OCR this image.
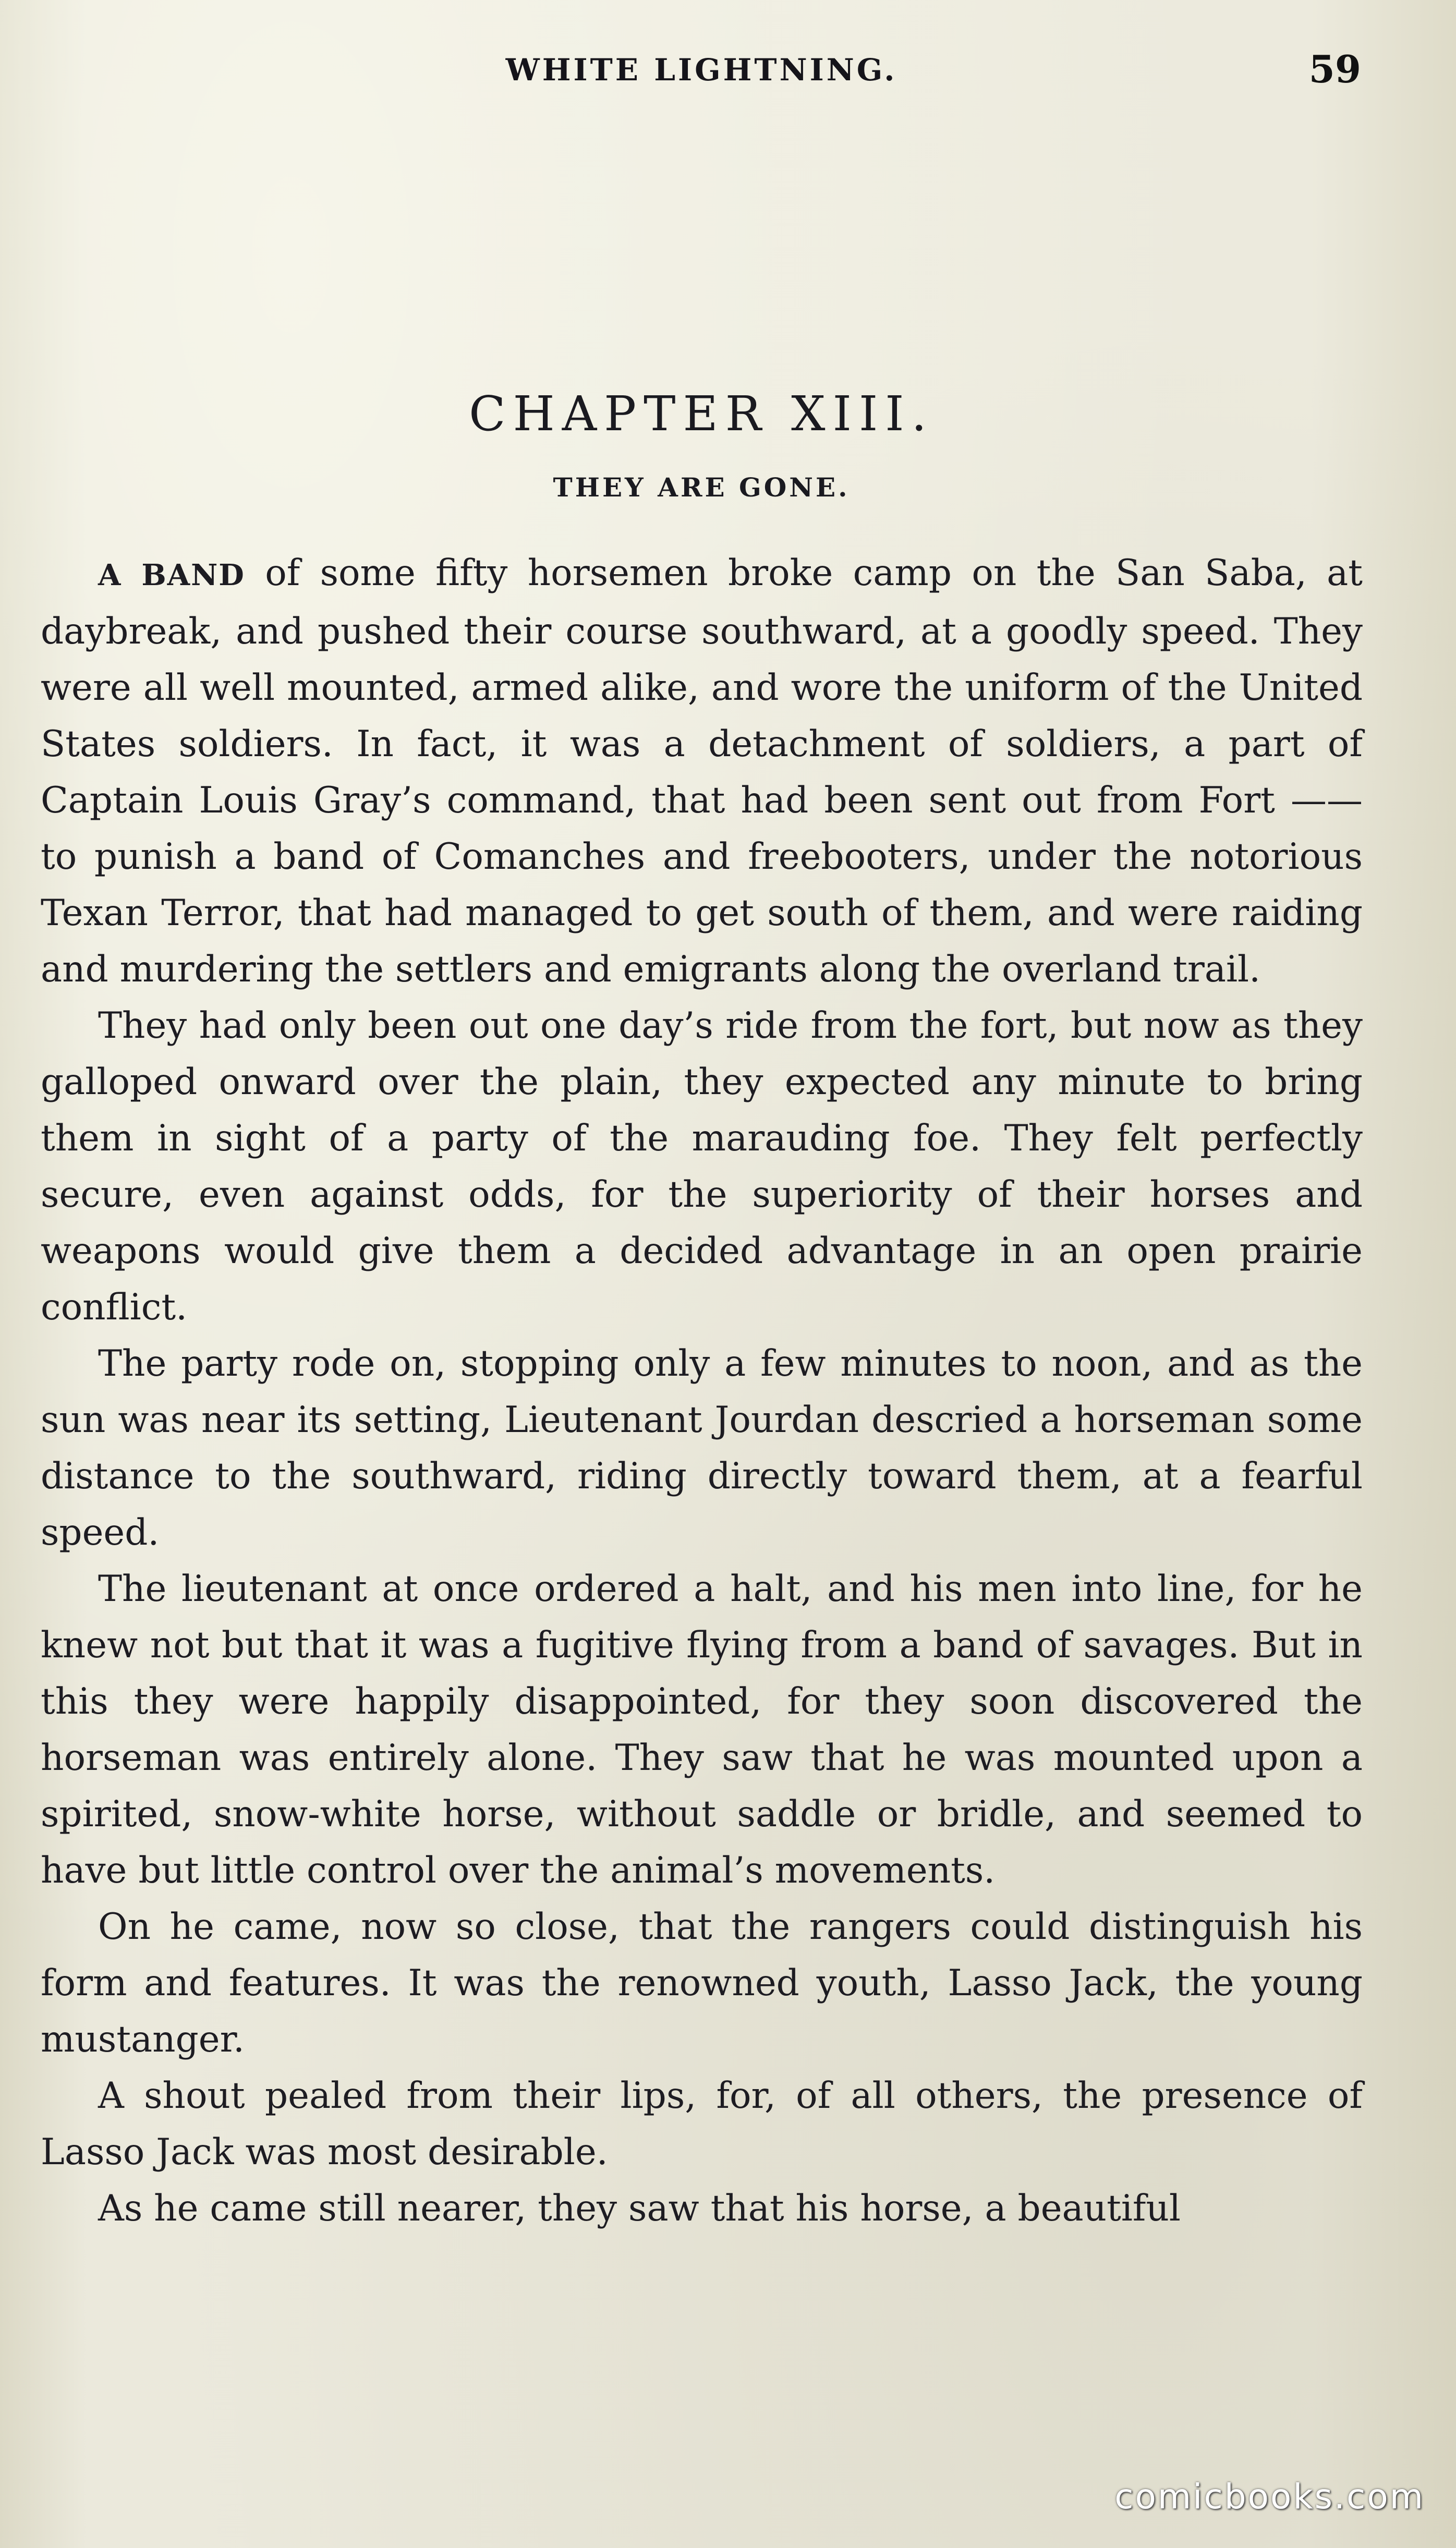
WHITE LIGHTNING.	59
CHAPTER XIII.
THEY ARE GONE.

A BAND of some fifty horsemen broke camp on the San Saba, at daybreak, and pushed their course southward, at a goodly speed. They were all well mounted, armed alike, and wore the uniform of the United States soldiers. In fact, it was a detachment of soldiers, a part of Captain Louis Gray’s command, that had been sent out from Fort —— to punish a band of Comanches and freebooters, under the notorious Texan Terror, that had managed to get south of them, and were raiding and murdering the settlers and emigrants along the overland trail.

They had only been out one day’s ride from the fort, but now as they galloped onward over the plain, they expected any minute to bring them in sight of a party of the marauding foe. They felt perfectly secure, even against odds, for the superiority of their horses and weapons would give them a decided advantage in an open prairie conflict.

The party rode on, stopping only a few minutes to noon, and as the sun was near its setting, Lieutenant Jourdan descried a horseman some distance to the southward, riding directly toward them, at a fearful speed.

The lieutenant at once ordered a halt, and his men into line, for he knew not but that it was a fugitive flying from a band of savages. But in this they were happily disappointed, for they soon discovered the horseman was entirely alone. They saw that he was mounted upon a spirited, snow-white horse, without saddle or bridle, and seemed to have but little control over the animal’s movements.

On he came, now so close, that the rangers could distinguish his form and features. It was the renowned youth, Lasso Jack, the young mustanger.

A shout pealed from their lips, for, of all others, the presence of Lasso Jack was most desirable.

As he came still nearer, they saw that his horse, a beautiful

comicbooks.com
